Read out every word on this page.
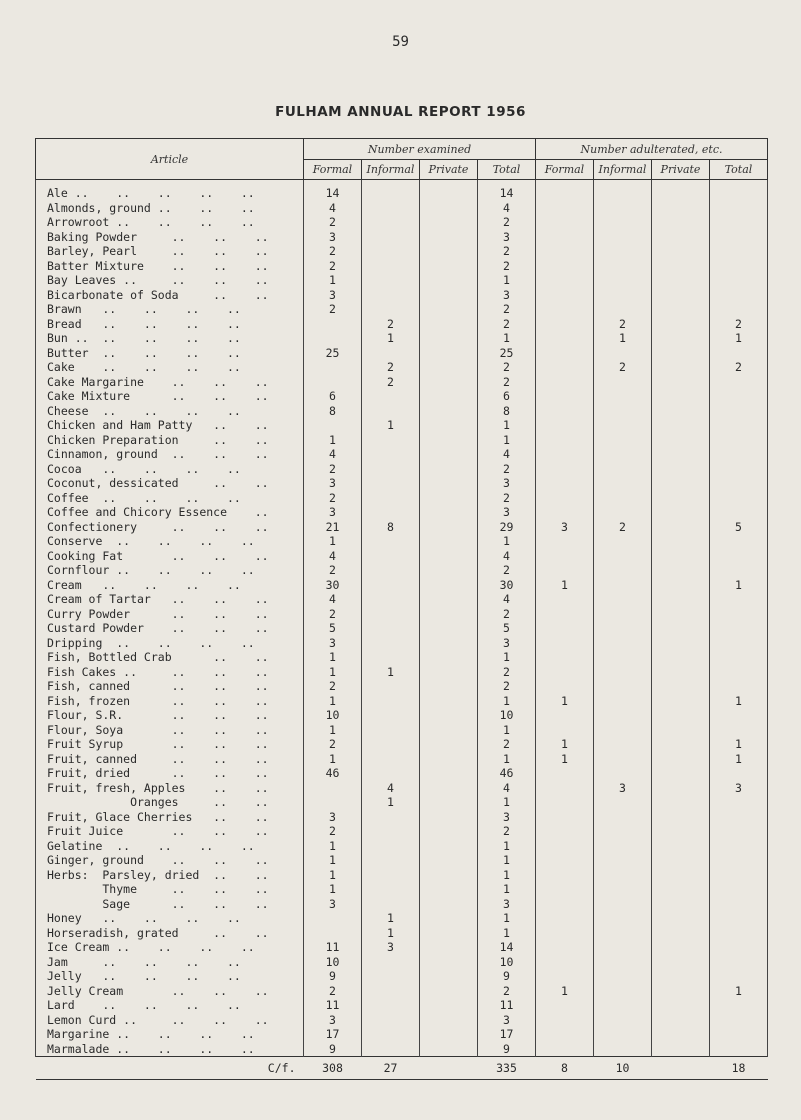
59
FULHAM ANNUAL REPORT 1956
Article	Number examined				Number adulterated, etc.			
	Formal	Informal	Private	Total	Formal	Informal	Private	Total
Ale ..    ..    ..    ..    ..	14			14				
Almonds, ground ..    ..    ..	4			4				
Arrowroot ..    ..    ..    ..	2			2				
Baking Powder     ..    ..    ..	3			3				
Barley, Pearl     ..    ..    ..	2			2				
Batter Mixture    ..    ..    ..	2			2				
Bay Leaves ..     ..    ..    ..	1			1				
Bicarbonate of Soda     ..    ..	3			3				
Brawn   ..    ..    ..    ..	2			2				
Bread   ..    ..    ..    ..		2		2		2		2
Bun ..  ..    ..    ..    ..		1		1		1		1
Butter  ..    ..    ..    ..	25			25				
Cake    ..    ..    ..    ..		2		2		2		2
Cake Margarine    ..    ..    ..		2		2				
Cake Mixture      ..    ..    ..	6			6				
Cheese  ..    ..    ..    ..	8			8				
Chicken and Ham Patty   ..    ..		1		1				
Chicken Preparation     ..    ..	1			1				
Cinnamon, ground  ..    ..    ..	4			4				
Cocoa   ..    ..    ..    ..	2			2				
Coconut, dessicated     ..    ..	3			3				
Coffee  ..    ..    ..    ..	2			2				
Coffee and Chicory Essence    ..	3			3				
Confectionery     ..    ..    ..	21	8		29	3	2		5
Conserve  ..    ..    ..    ..	1			1				
Cooking Fat       ..    ..    ..	4			4				
Cornflour ..    ..    ..    ..	2			2				
Cream   ..    ..    ..    ..	30			30	1			1
Cream of Tartar   ..    ..    ..	4			4				
Curry Powder      ..    ..    ..	2			2				
Custard Powder    ..    ..    ..	5			5				
Dripping  ..    ..    ..    ..	3			3				
Fish, Bottled Crab      ..    ..	1			1				
Fish Cakes ..     ..    ..    ..	1	1		2				
Fish, canned      ..    ..    ..	2			2				
Fish, frozen      ..    ..    ..	1			1	1			1
Flour, S.R.       ..    ..    ..	10			10				
Flour, Soya       ..    ..    ..	1			1				
Fruit Syrup       ..    ..    ..	2			2	1			1
Fruit, canned     ..    ..    ..	1			1	1			1
Fruit, dried      ..    ..    ..	46			46				
Fruit, fresh, Apples    ..    ..		4		4		3		3
Oranges     ..    ..		1		1				
Fruit, Glace Cherries   ..    ..	3			3				
Fruit Juice       ..    ..    ..	2			2				
Gelatine  ..    ..    ..    ..	1			1				
Ginger, ground    ..    ..    ..	1			1				
Herbs:  Parsley, dried  ..    ..	1			1				
Thyme     ..    ..    ..	1			1				
Sage      ..    ..    ..	3			3				
Honey   ..    ..    ..    ..		1		1				
Horseradish, grated     ..    ..		1		1				
Ice Cream ..    ..    ..    ..	11	3		14				
Jam     ..    ..    ..    ..	10			10				
Jelly   ..    ..    ..    ..	9			9				
Jelly Cream       ..    ..    ..	2			2	1			1
Lard    ..    ..    ..    ..	11			11				
Lemon Curd ..     ..    ..    ..	3			3				
Margarine ..    ..    ..    ..	17			17				
Marmalade ..    ..    ..    ..	9			9				
C/f.	308	27		335	8	10		18
